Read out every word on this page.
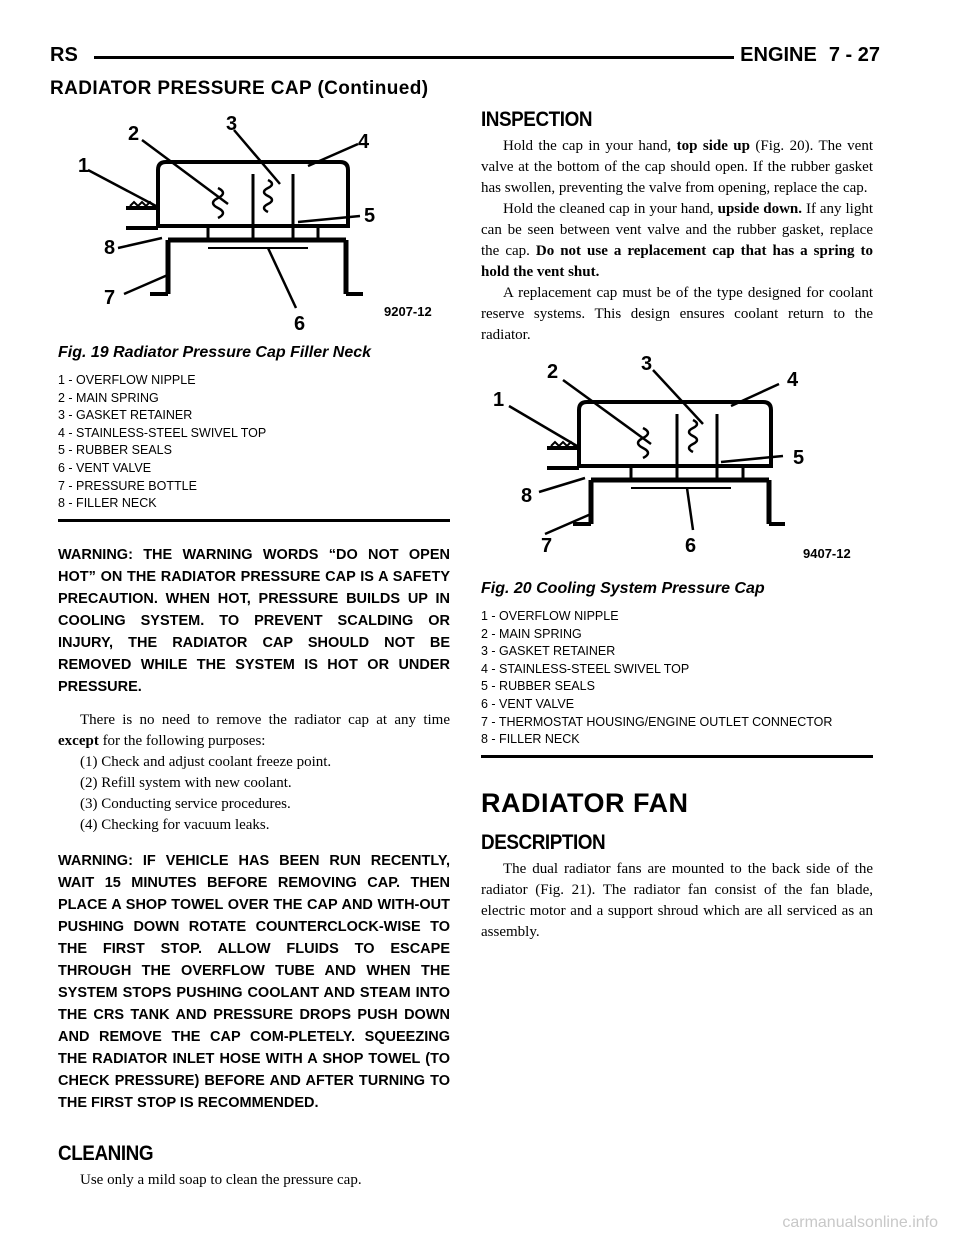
RS	ENGINE 7 - 27
RADIATOR PRESSURE CAP (Continued)
1
2	3
4
5
6
7
8
9207-12
Fig. 19 Radiator Pressure Cap Filler Neck
1 - OVERFLOW NIPPLE
2 - MAIN SPRING
3 - GASKET RETAINER
4 - STAINLESS-STEEL SWIVEL TOP
5 - RUBBER SEALS
6 - VENT VALVE
7 - PRESSURE BOTTLE
8 - FILLER NECK
WARNING: THE WARNING WORDS “DO NOT OPEN HOT” ON THE RADIATOR PRESSURE CAP IS A SAFETY PRECAUTION. WHEN HOT, PRESSURE BUILDS UP IN COOLING SYSTEM. TO PREVENT SCALDING OR INJURY, THE RADIATOR CAP SHOULD NOT BE REMOVED WHILE THE SYSTEM IS HOT OR UNDER PRESSURE.

There is no need to remove the radiator cap at any time except for the following purposes:

(1) Check and adjust coolant freeze point.
(2) Refill system with new coolant.
(3) Conducting service procedures.
(4) Checking for vacuum leaks.
WARNING: IF VEHICLE HAS BEEN RUN RECENTLY, WAIT 15 MINUTES BEFORE REMOVING CAP. THEN PLACE A SHOP TOWEL OVER THE CAP AND WITH-OUT PUSHING DOWN ROTATE COUNTERCLOCK-WISE TO THE FIRST STOP. ALLOW FLUIDS TO ESCAPE THROUGH THE OVERFLOW TUBE AND WHEN THE SYSTEM STOPS PUSHING COOLANT AND STEAM INTO THE CRS TANK AND PRESSURE DROPS PUSH DOWN AND REMOVE THE CAP COM-PLETELY. SQUEEZING THE RADIATOR INLET HOSE WITH A SHOP TOWEL (TO CHECK PRESSURE) BEFORE AND AFTER TURNING TO THE FIRST STOP IS RECOMMENDED.
CLEANING

Use only a mild soap to clean the pressure cap.

INSPECTION

Hold the cap in your hand, top side up (Fig. 20). The vent valve at the bottom of the cap should open. If the rubber gasket has swollen, preventing the valve from opening, replace the cap.

Hold the cleaned cap in your hand, upside down. If any light can be seen between vent valve and the rubber gasket, replace the cap. Do not use a replacement cap that has a spring to hold the vent shut.

A replacement cap must be of the type designed for coolant reserve systems. This design ensures coolant return to the radiator.

1
2	3
4
5
6
7
8
9407-12
Fig. 20 Cooling System Pressure Cap
1 - OVERFLOW NIPPLE
2 - MAIN SPRING
3 - GASKET RETAINER
4 - STAINLESS-STEEL SWIVEL TOP
5 - RUBBER SEALS
6 - VENT VALVE
7 - THERMOSTAT HOUSING/ENGINE OUTLET CONNECTOR
8 - FILLER NECK
RADIATOR FAN
DESCRIPTION

The dual radiator fans are mounted to the back side of the radiator (Fig. 21). The radiator fan consist of the fan blade, electric motor and a support shroud which are all serviced as an assembly.

carmanualsonline.info
